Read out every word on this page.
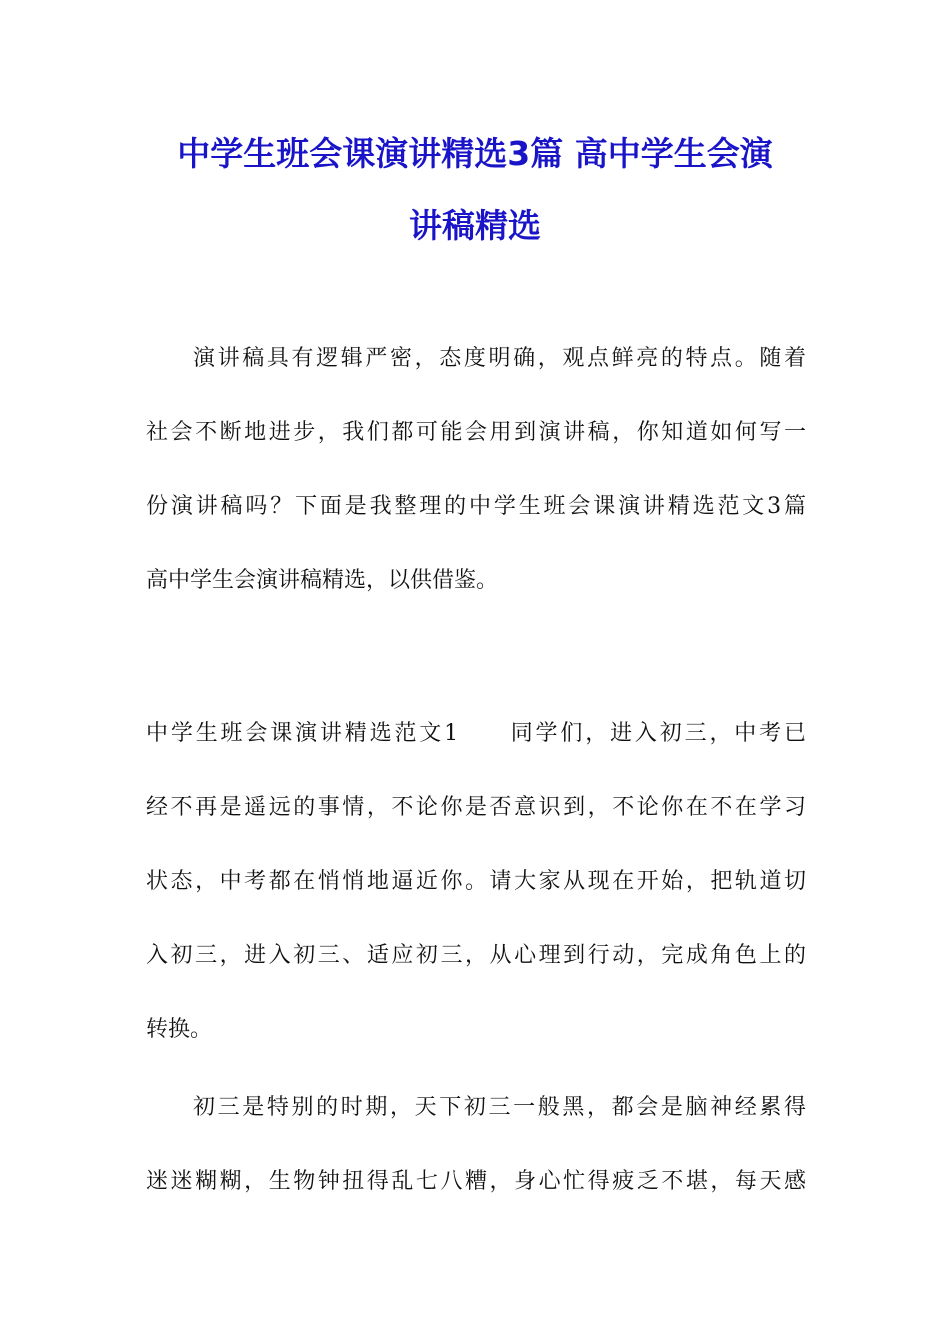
中学生班会课演讲精选3篇 高中学生会演
讲稿精选
演讲稿具有逻辑严密，态度明确，观点鲜亮的特点。随着
社会不断地进步，我们都可能会用到演讲稿，你知道如何写一
份演讲稿吗？下面是我整理的中学生班会课演讲精选范文3篇
高中学生会演讲稿精选，以供借鉴。
中学生班会课演讲精选范文1　　同学们，进入初三，中考已
经不再是遥远的事情，不论你是否意识到，不论你在不在学习
状态，中考都在悄悄地逼近你。请大家从现在开始，把轨道切
入初三，进入初三、适应初三，从心理到行动，完成角色上的
转换。
初三是特别的时期，天下初三一般黑，都会是脑神经累得
迷迷糊糊，生物钟扭得乱七八糟，身心忙得疲乏不堪，每天感
